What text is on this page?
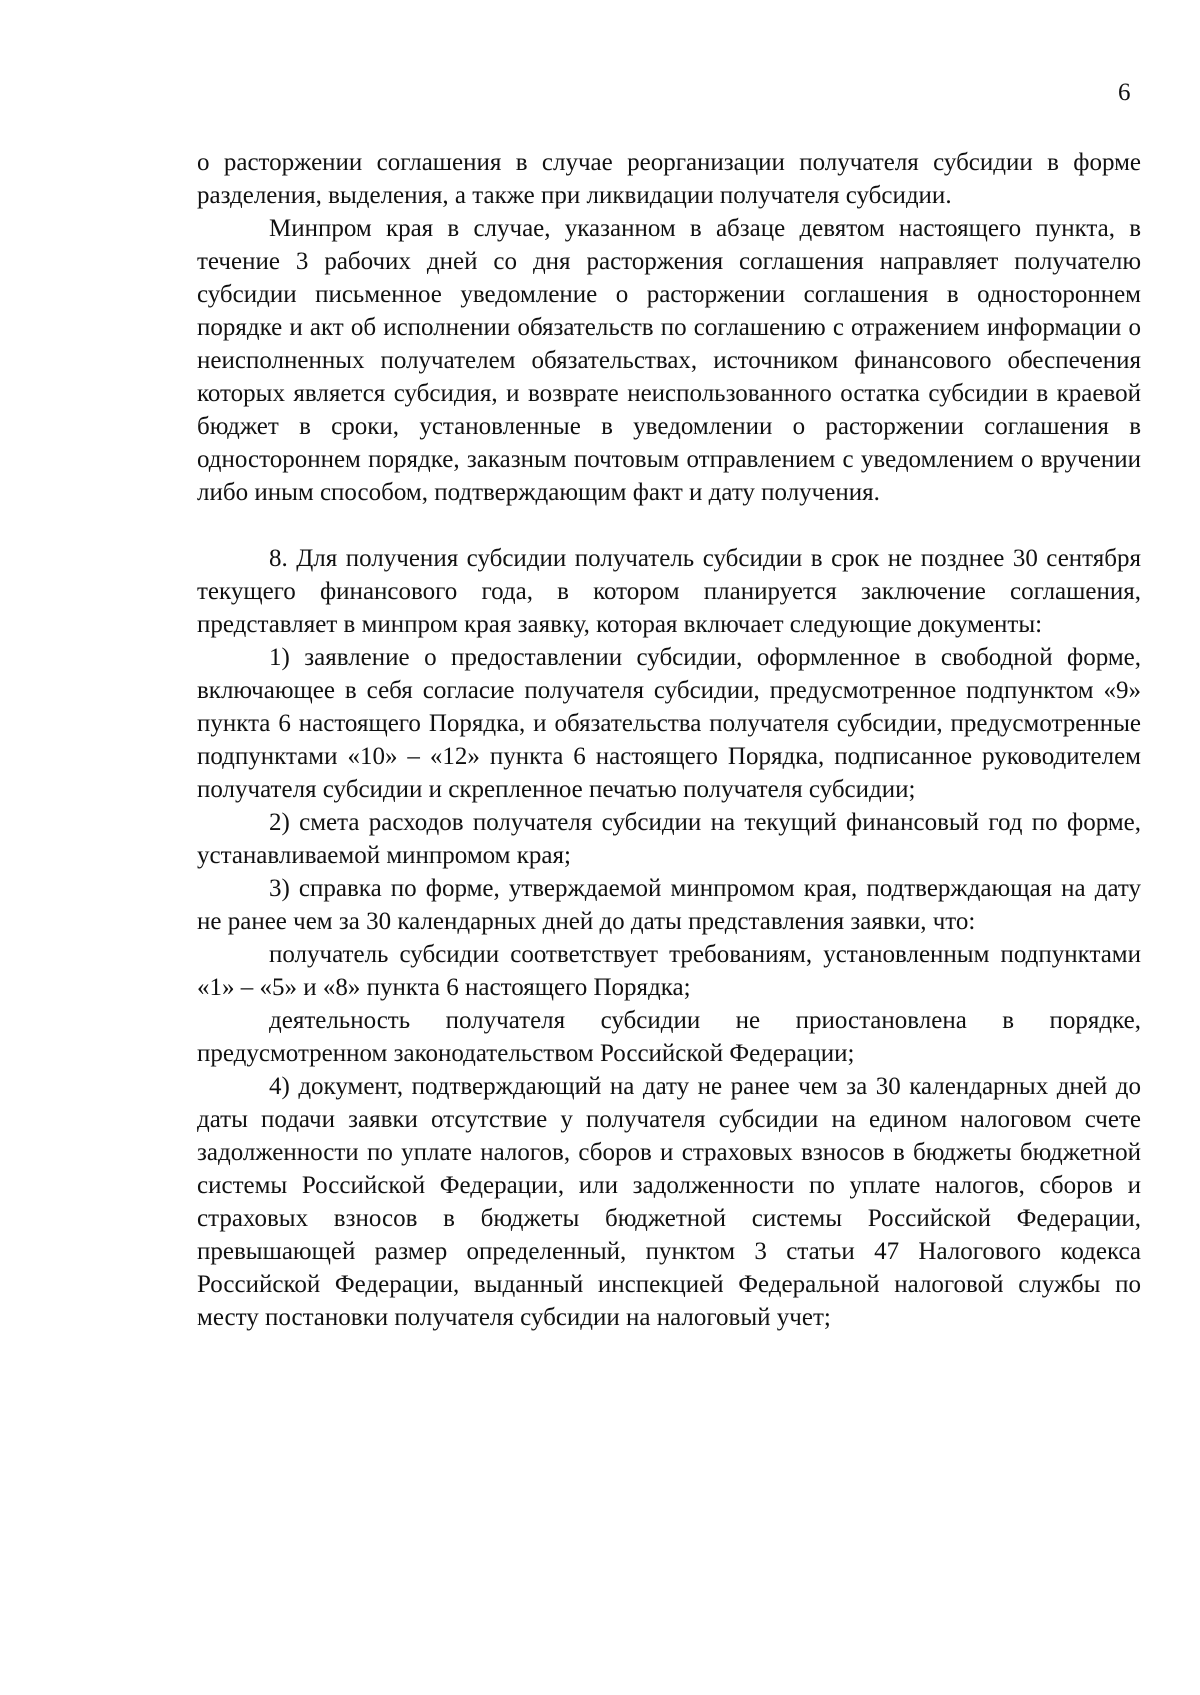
6

о расторжении соглашения в случае реорганизации получателя субсидии в форме разделения, выделения, а также при ликвидации получателя субсидии.

Минпром края в случае, указанном в абзаце девятом настоящего пункта, в течение 3 рабочих дней со дня расторжения соглашения направляет получателю субсидии письменное уведомление о расторжении соглашения в одностороннем порядке и акт об исполнении обязательств по соглашению с отражением информации о неисполненных получателем обязательствах, источником финансового обеспечения которых является субсидия, и возврате неиспользованного остатка субсидии в краевой бюджет в сроки, установленные в уведомлении о расторжении соглашения в одностороннем порядке, заказным почтовым отправлением с уведомлением о вручении либо иным способом, подтверждающим факт и дату получения.

8. Для получения субсидии получатель субсидии в срок не позднее 30 сентября текущего финансового года, в котором планируется заключение соглашения, представляет в минпром края заявку, которая включает следующие документы:

1) заявление о предоставлении субсидии, оформленное в свободной форме, включающее в себя согласие получателя субсидии, предусмотренное подпунктом «9» пункта 6 настоящего Порядка, и обязательства получателя субсидии, предусмотренные подпунктами «10» – «12» пункта 6 настоящего Порядка, подписанное руководителем получателя субсидии и скрепленное печатью получателя субсидии;

2) смета расходов получателя субсидии на текущий финансовый год по форме, устанавливаемой минпромом края;

3) справка по форме, утверждаемой минпромом края, подтверждающая на дату не ранее чем за 30 календарных дней до даты представления заявки, что:

получатель субсидии соответствует требованиям, установленным подпунктами «1» – «5» и «8» пункта 6 настоящего Порядка;

деятельность получателя субсидии не приостановлена в порядке, предусмотренном законодательством Российской Федерации;

4) документ, подтверждающий на дату не ранее чем за 30 календарных дней до даты подачи заявки отсутствие у получателя субсидии на едином налоговом счете задолженности по уплате налогов, сборов и страховых взносов в бюджеты бюджетной системы Российской Федерации, или задолженности по уплате налогов, сборов и страховых взносов в бюджеты бюджетной системы Российской Федерации, превышающей размер определенный, пунктом 3 статьи 47 Налогового кодекса Российской Федерации, выданный инспекцией Федеральной налоговой службы по месту постановки получателя субсидии на налоговый учет;
